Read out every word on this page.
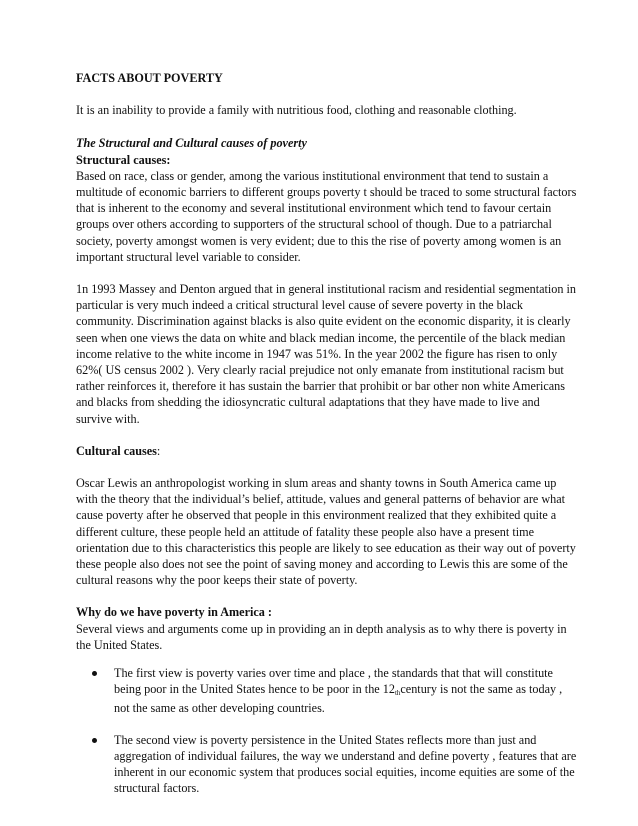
FACTS ABOUT POVERTY

It is an inability to provide a family with nutritious food, clothing and reasonable clothing.

The Structural and Cultural causes of poverty

Structural causes:

Based on race, class or gender, among the various institutional environment that tend to sustain a multitude of economic barriers to different groups poverty t should be traced to some structural factors that is inherent to the economy and several institutional environment which tend to favour certain groups over others according to supporters of the structural school of though. Due to a patriarchal society, poverty amongst women is very evident; due to this the rise of poverty among women is an important structural level variable to consider.

1n 1993 Massey and Denton argued that in general institutional racism and residential segmentation in particular is very much indeed a critical structural level cause of severe poverty in the black community. Discrimination against blacks is also quite evident on the economic disparity, it is clearly seen when one views the data on white and black median income, the percentile of the black median income relative to the white income in 1947 was 51%. In the year 2002 the figure has risen to only 62%( US census 2002 ). Very clearly racial prejudice not only emanate from institutional racism but rather reinforces it, therefore it has sustain the barrier that prohibit or bar other non white Americans and blacks from shedding the idiosyncratic cultural adaptations that they have made to live and survive with.

Cultural causes:

Oscar Lewis an anthropologist working in slum areas and shanty towns in South America came up with the theory that the individual’s belief, attitude, values and general patterns of behavior are what cause poverty after he observed that people in this environment realized that they exhibited quite a different culture, these people held an attitude of fatality these people also have a present time orientation due to this characteristics this people are likely to see education as their way out of poverty these people also does not see the point of saving money and according to Lewis this are some of the cultural reasons why the poor keeps their state of poverty.

Why do we have poverty in America :

Several views and arguments come up in providing an in depth analysis as to why there is poverty in the United States.

The first view is poverty varies over time and place , the standards that that will constitute being poor in the United States hence to be poor in the 12thcentury is not the same as today , not the same as other developing countries.
The second view is poverty persistence in the United States reflects more than just and aggregation of individual failures, the way we understand and define poverty , features that are inherent in our economic system that produces social equities, income equities are some of the structural factors.
